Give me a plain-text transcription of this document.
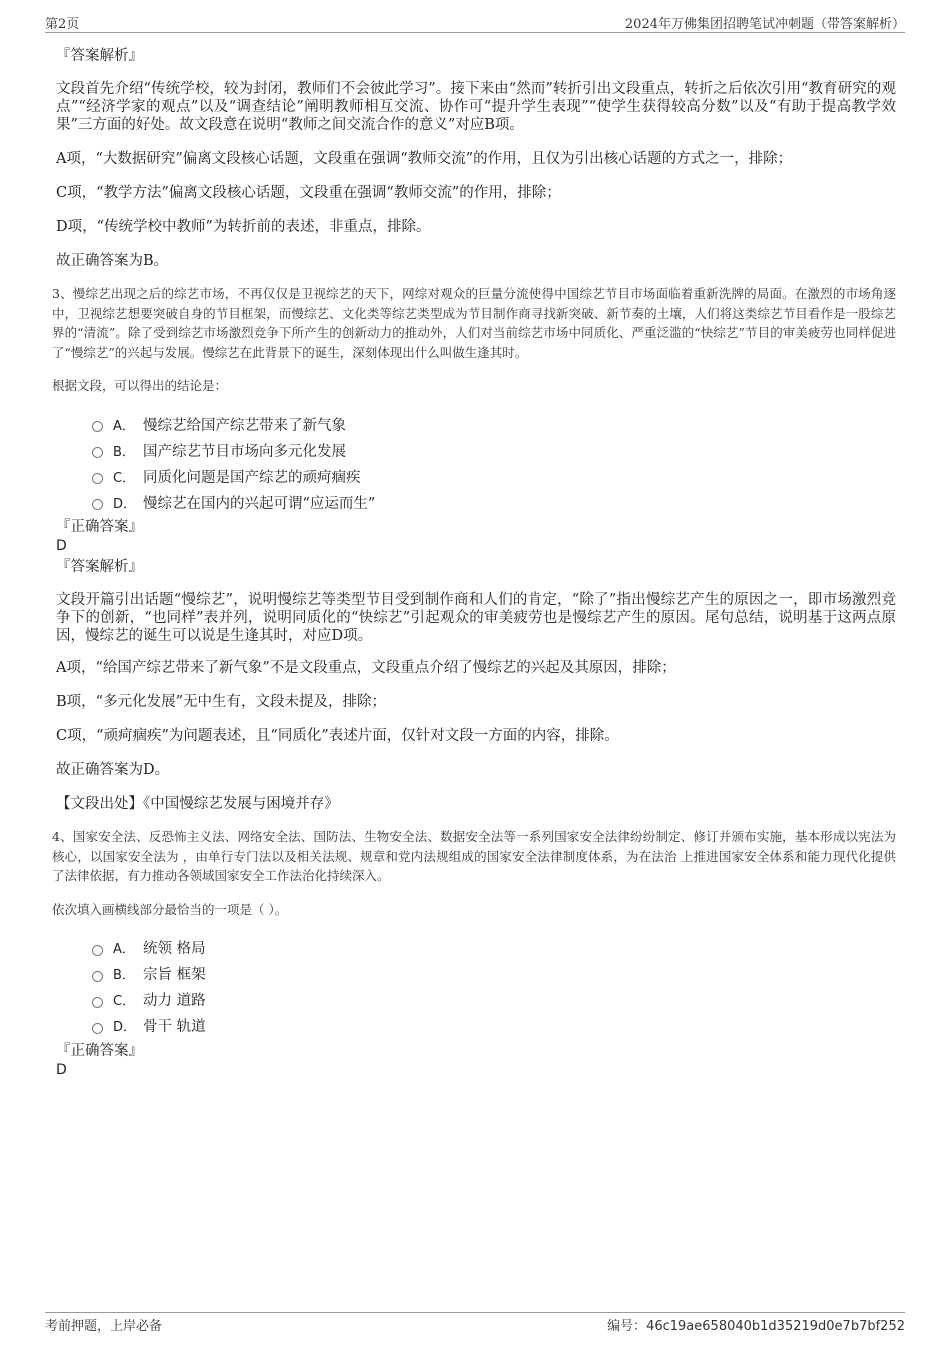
第2页	2024年万佛集团招聘笔试冲刺题（带答案解析）

『答案解析』

文段首先介绍“传统学校，较为封闭，教师们不会彼此学习”。接下来由“然而”转折引出文段重点，转折之后依次引用“教育研究的观点”“经济学家的观点”以及“调查结论”阐明教师相互交流、协作可“提升学生表现”“使学生获得较高分数”以及“有助于提高教学效果”三方面的好处。故文段意在说明“教师之间交流合作的意义”对应B项。

A项，“大数据研究”偏离文段核心话题，文段重在强调“教师交流”的作用，且仅为引出核心话题的方式之一，排除；

C项，“教学方法”偏离文段核心话题，文段重在强调“教师交流”的作用，排除；

D项，“传统学校中教师”为转折前的表述，非重点，排除。

故正确答案为B。

3、慢综艺出现之后的综艺市场，不再仅仅是卫视综艺的天下，网综对观众的巨量分流使得中国综艺节目市场面临着重新洗牌的局面。在激烈的市场角逐中，卫视综艺想要突破自身的节目框架，而慢综艺、文化类等综艺类型成为节目制作商寻找新突破、新节奏的土壤，人们将这类综艺节目看作是一股综艺界的“清流”。除了受到综艺市场激烈竞争下所产生的创新动力的推动外，人们对当前综艺市场中同质化、严重泛滥的“快综艺”节目的审美疲劳也同样促进了“慢综艺”的兴起与发展。慢综艺在此背景下的诞生，深刻体现出什么叫做生逢其时。

根据文段，可以得出的结论是：

A． 慢综艺给国产综艺带来了新气象
B． 国产综艺节目市场向多元化发展
C． 同质化问题是国产综艺的顽疴痼疾
D． 慢综艺在国内的兴起可谓“应运而生”

『正确答案』

D

『答案解析』

文段开篇引出话题“慢综艺”，说明慢综艺等类型节目受到制作商和人们的肯定，“除了”指出慢综艺产生的原因之一，即市场激烈竞争下的创新，“也同样”表并列，说明同质化的“快综艺”引起观众的审美疲劳也是慢综艺产生的原因。尾句总结，说明基于这两点原因，慢综艺的诞生可以说是生逢其时，对应D项。

A项，“给国产综艺带来了新气象”不是文段重点，文段重点介绍了慢综艺的兴起及其原因，排除；

B项，“多元化发展”无中生有，文段未提及，排除；

C项，“顽疴痼疾”为问题表述，且“同质化”表述片面，仅针对文段一方面的内容，排除。

故正确答案为D。

【文段出处】《中国慢综艺发展与困境并存》

4、国家安全法、反恐怖主义法、网络安全法、国防法、生物安全法、数据安全法等一系列国家安全法律纷纷制定、修订并颁布实施，基本形成以宪法为核心，以国家安全法为 ，由单行专门法以及相关法规、规章和党内法规组成的国家安全法律制度体系，为在法治 上推进国家安全体系和能力现代化提供了法律依据，有力推动各领域国家安全工作法治化持续深入。

依次填入画横线部分最恰当的一项是（ ）。

A． 统领 格局
B． 宗旨 框架
C． 动力 道路
D． 骨干 轨道

『正确答案』

D

考前押题，上岸必备	编号：46c19ae658040b1d35219d0e7b7bf252
